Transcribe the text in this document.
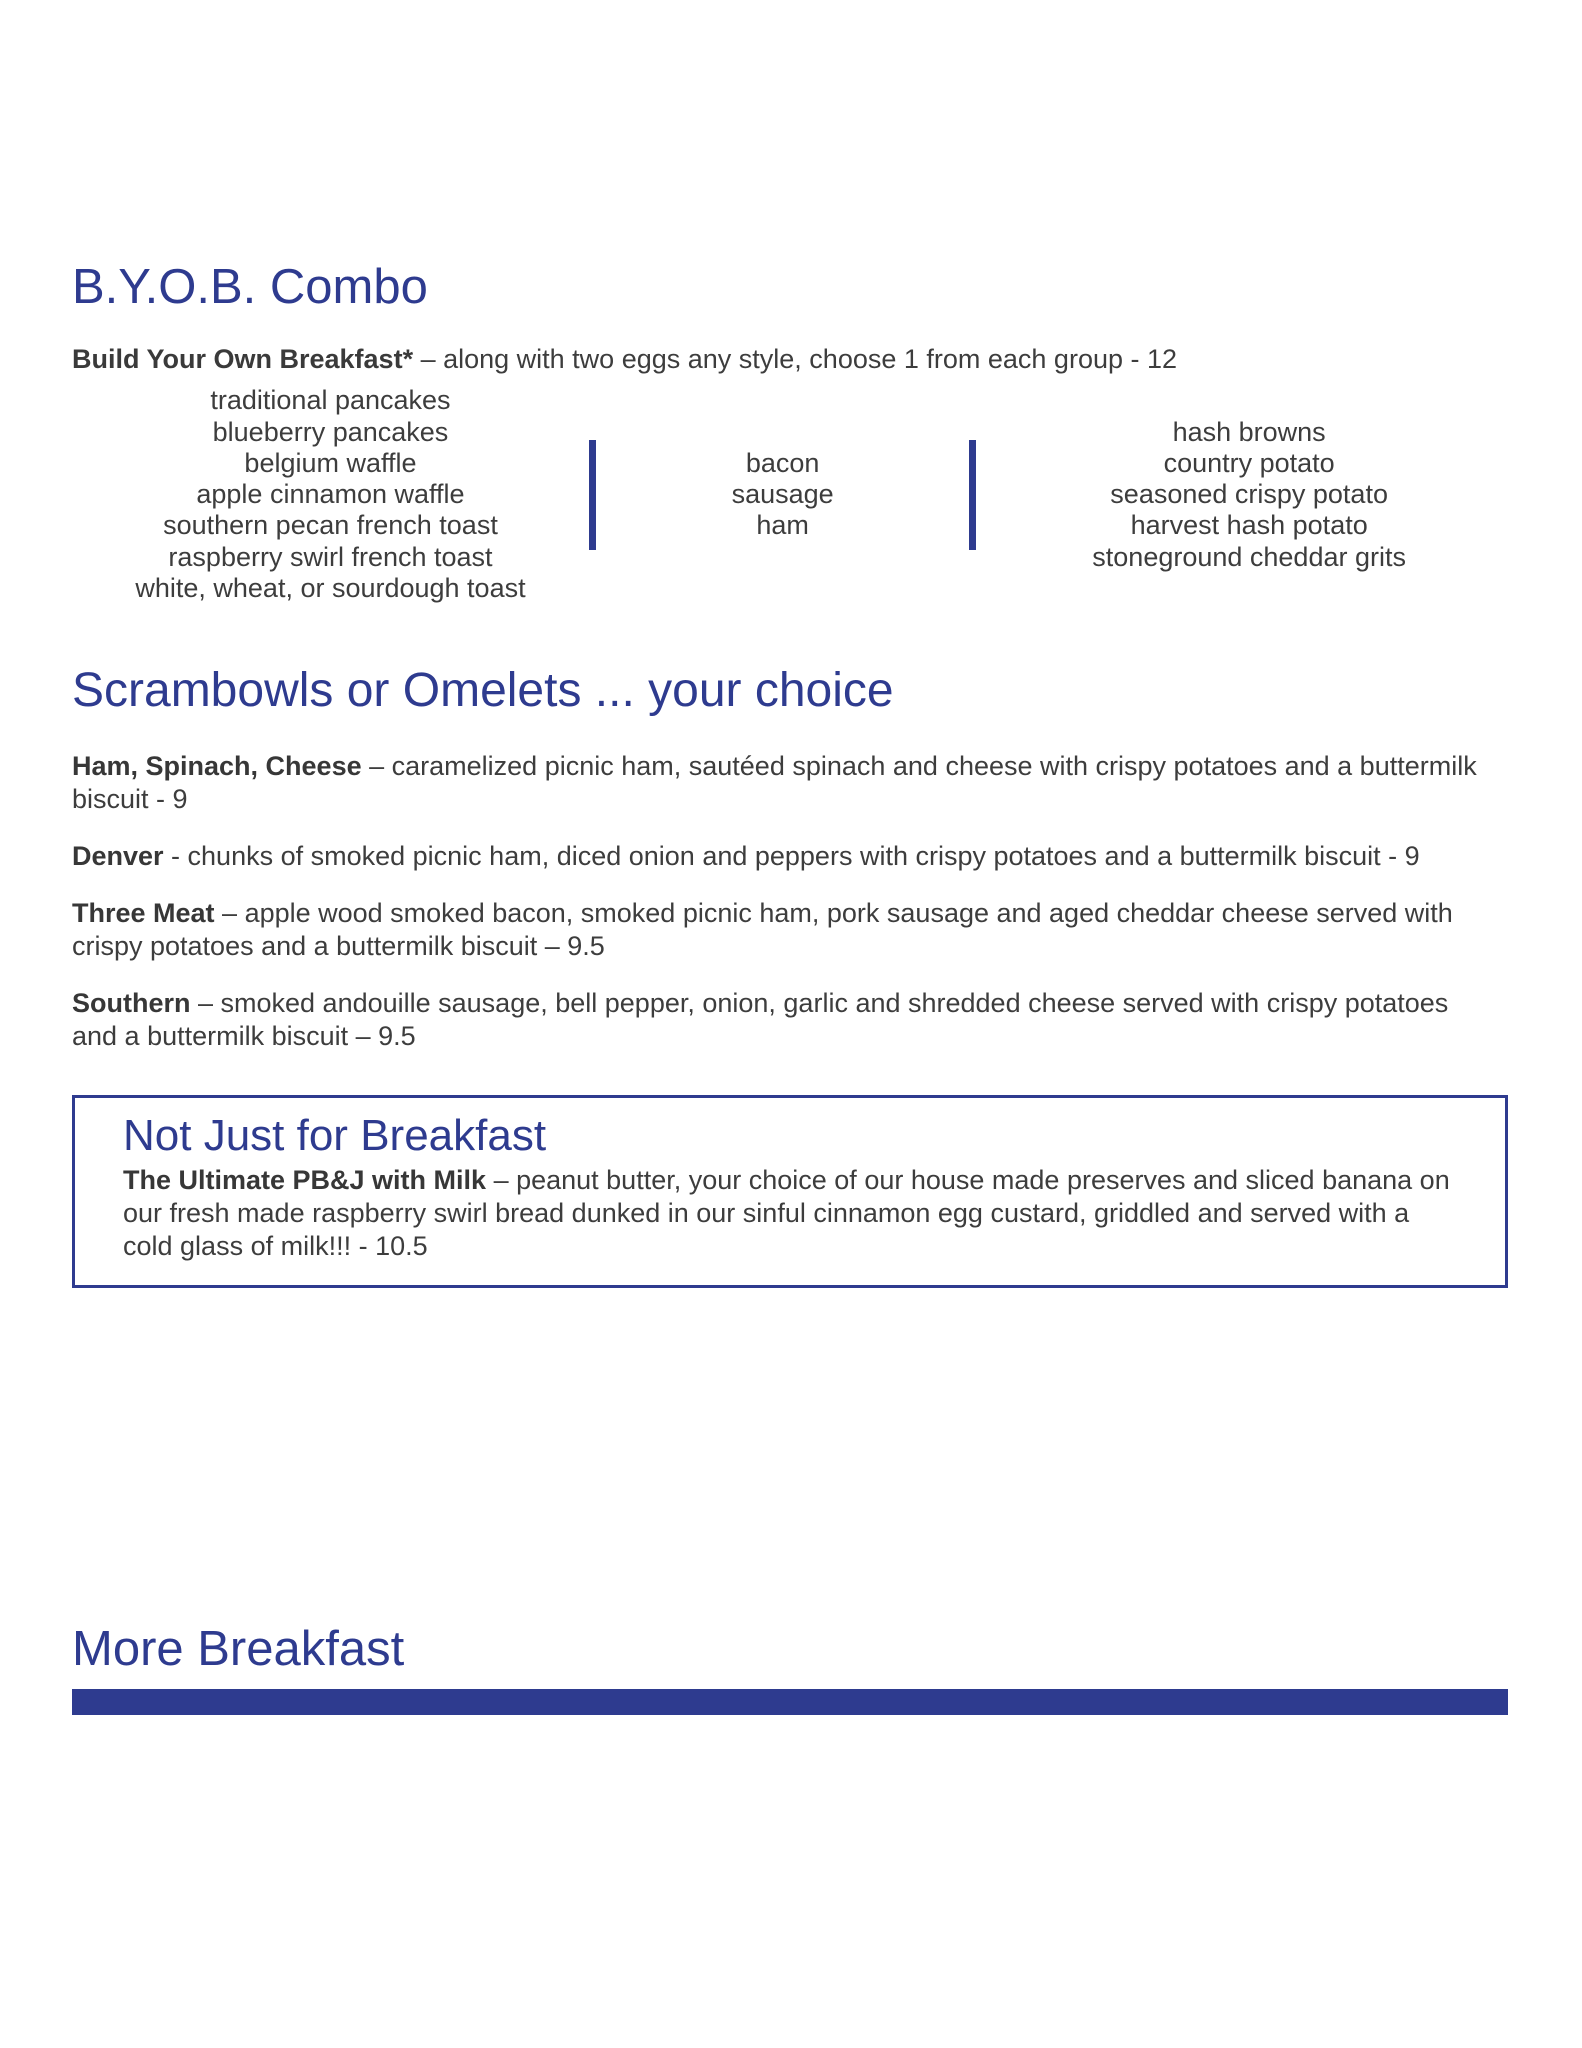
B.Y.O.B. Combo

Build Your Own Breakfast* – along with two eggs any style, choose 1 from each group - 12

traditional pancakes
blueberry pancakes
belgium waffle
apple cinnamon waffle
southern pecan french toast
raspberry swirl french toast
white, wheat, or sourdough toast
bacon
sausage
ham
hash browns
country potato
seasoned crispy potato
harvest hash potato
stoneground cheddar grits
Scrambowls or Omelets ... your choice

Ham, Spinach, Cheese – caramelized picnic ham, sautéed spinach and cheese with crispy potatoes and a buttermilk biscuit - 9

Denver - chunks of smoked picnic ham, diced onion and peppers with crispy potatoes and a buttermilk biscuit - 9

Three Meat – apple wood smoked bacon, smoked picnic ham, pork sausage and aged cheddar cheese served with crispy potatoes and a buttermilk biscuit – 9.5

Southern – smoked andouille sausage, bell pepper, onion, garlic and shredded cheese served with crispy potatoes and a buttermilk biscuit – 9.5

Not Just for Breakfast

The Ultimate PB&J with Milk – peanut butter, your choice of our house made preserves and sliced banana on our fresh made raspberry swirl bread dunked in our sinful cinnamon egg custard, griddled and served with a cold glass of milk!!! - 10.5

More Breakfast
